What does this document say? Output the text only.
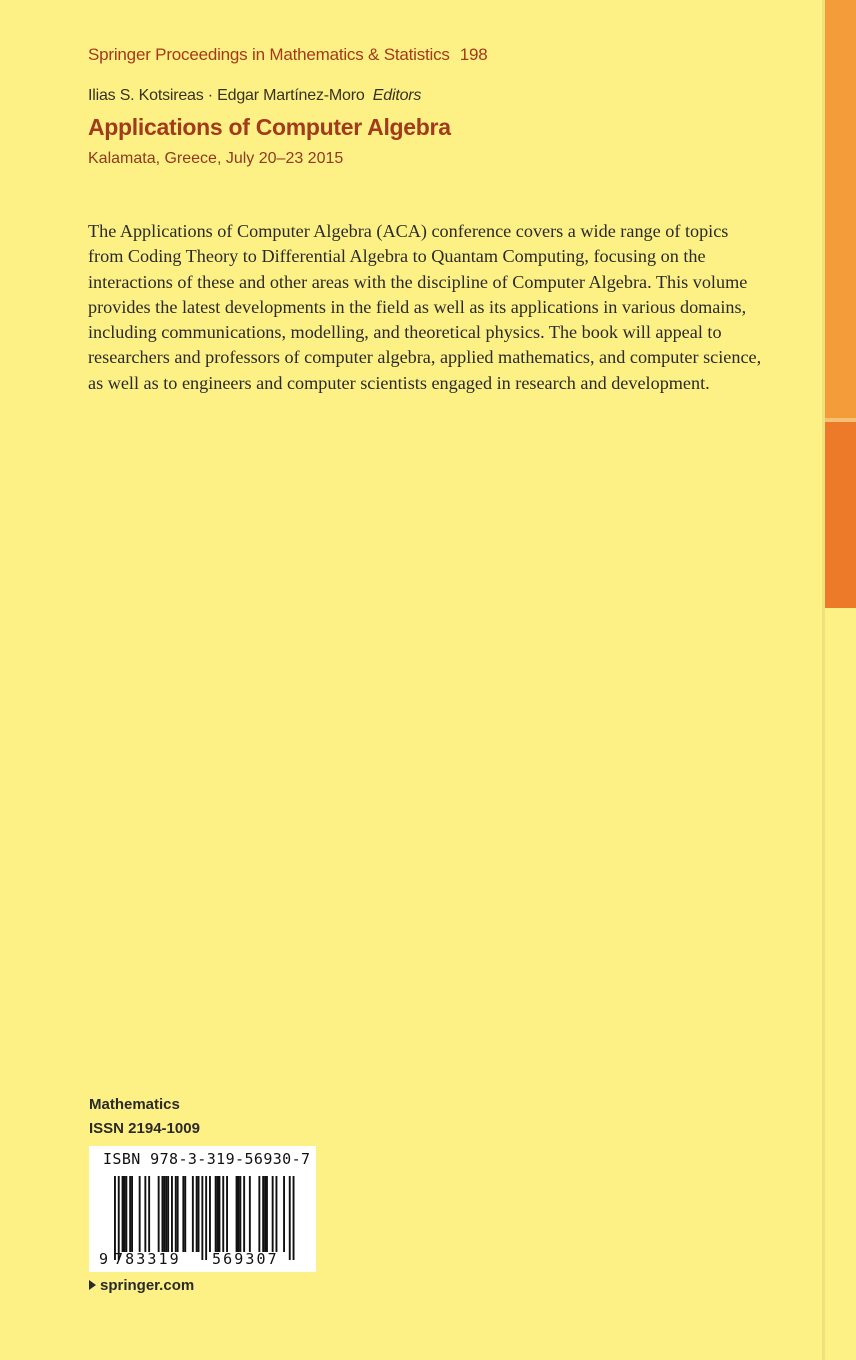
Springer Proceedings in Mathematics & Statistics 198
Ilias S. Kotsireas · Edgar Martínez-Moro Editors
Applications of Computer Algebra
Kalamata, Greece, July 20–23 2015
The Applications of Computer Algebra (ACA) conference covers a wide range of topics from Coding Theory to Differential Algebra to Quantam Computing, focusing on the interactions of these and other areas with the discipline of Computer Algebra. This volume provides the latest developments in the field as well as its applications in various domains, including communications, modelling, and theoretical physics. The book will appeal to researchers and professors of computer algebra, applied mathematics, and computer science, as well as to engineers and computer scientists engaged in research and development.
Mathematics
ISSN 2194-1009
ISBN 978-3-319-56930-7
9 783319 569307
springer.com
